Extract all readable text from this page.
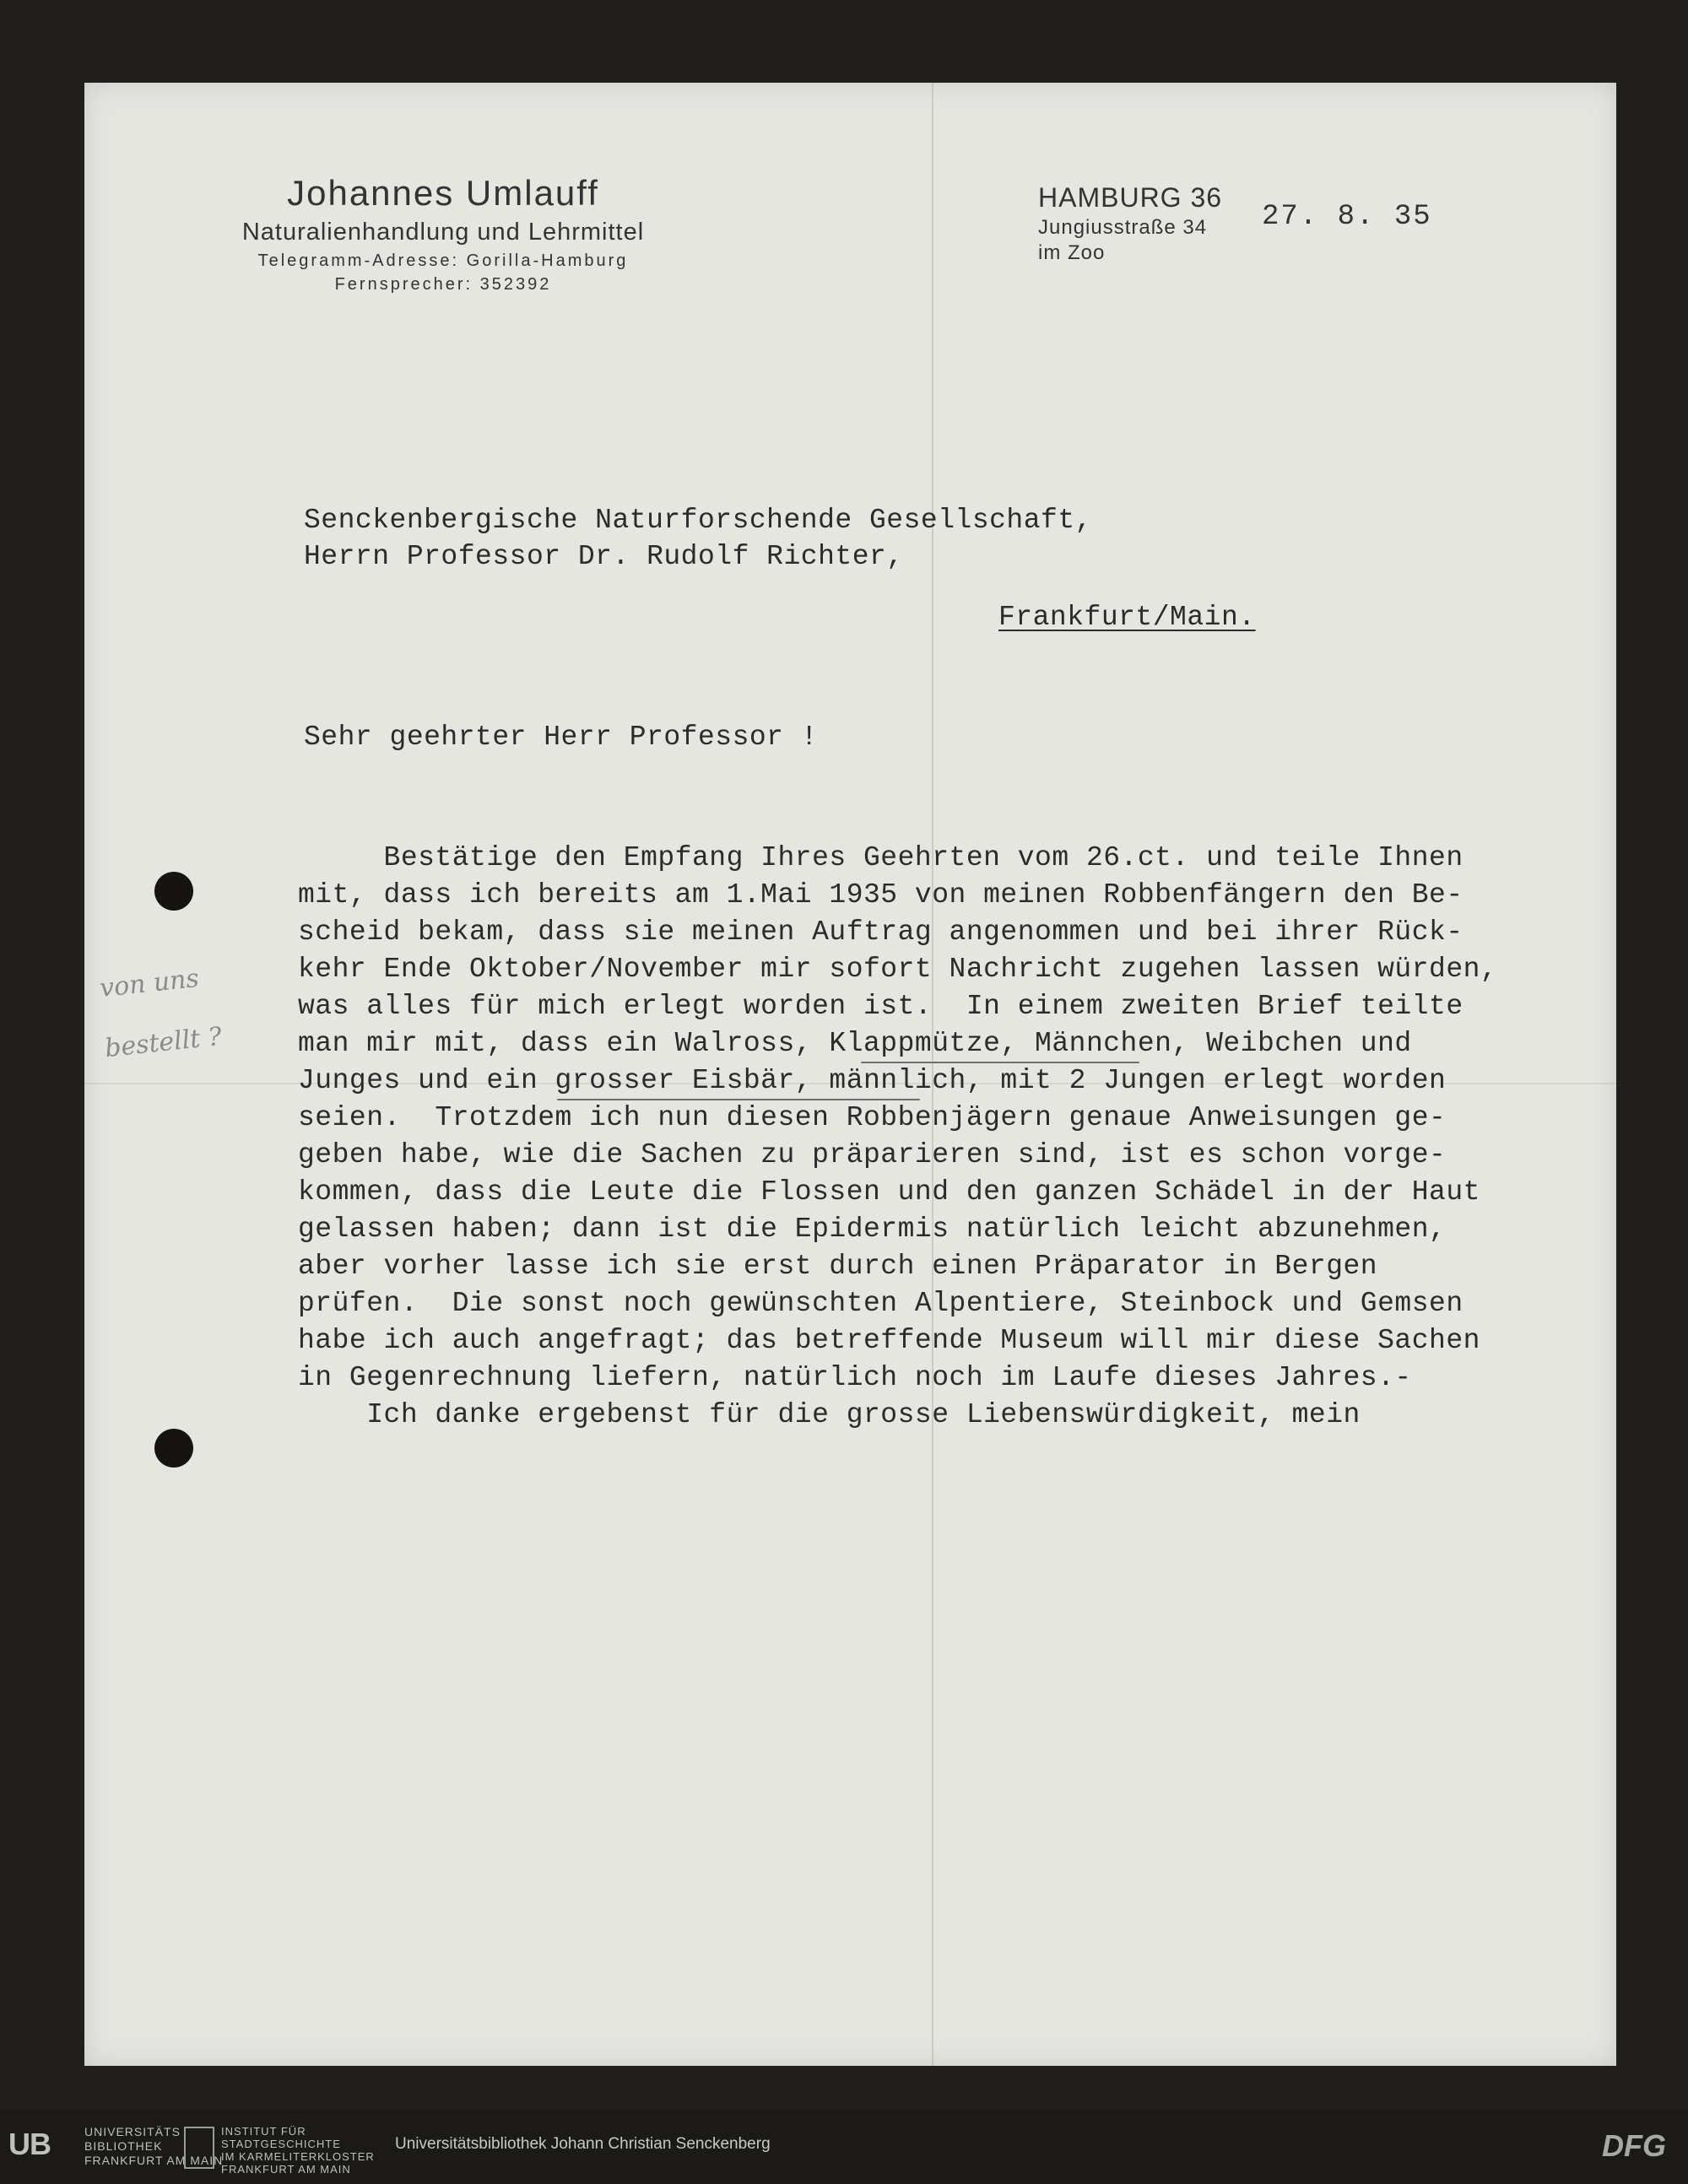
Johannes Umlauff
Naturalienhandlung und Lehrmittel
Telegramm-Adresse: Gorilla-Hamburg
Fernsprecher: 352392
HAMBURG 36
Jungiusstraße 34
im Zoo
27. 8. 35
Senckenbergische Naturforschende Gesellschaft,
Herrn Professor Dr. Rudolf Richter,
Frankfurt/Main.
Sehr geehrter Herr Professor !
Bestätige den Empfang Ihres Geehrten vom 26.ct. und teile Ihnen
mit, dass ich bereits am 1.Mai 1935 von meinen Robbenfängern den Be-
scheid bekam, dass sie meinen Auftrag angenommen und bei ihrer Rück-
kehr Ende Oktober/November mir sofort Nachricht zugehen lassen würden,
was alles für mich erlegt worden ist.  In einem zweiten Brief teilte
man mir mit, dass ein Walross, Klappmütze, Männchen, Weibchen und
Junges und ein grosser Eisbär, männlich, mit 2 Jungen erlegt worden
seien.  Trotzdem ich nun diesen Robbenjägern genaue Anweisungen ge-
geben habe, wie die Sachen zu präparieren sind, ist es schon vorge-
kommen, dass die Leute die Flossen und den ganzen Schädel in der Haut
gelassen haben; dann ist die Epidermis natürlich leicht abzunehmen,
aber vorher lasse ich sie erst durch einen Präparator in Bergen
prüfen.  Die sonst noch gewünschten Alpentiere, Steinbock und Gemsen
habe ich auch angefragt; das betreffende Museum will mir diese Sachen
in Gegenrechnung liefern, natürlich noch im Laufe dieses Jahres.-
Ich danke ergebenst für die grosse Liebenswürdigkeit, mein
von uns
bestellt ?
UB	UNIVERSITÄTS
BIBLIOTHEK
FRANKFURT AM MAIN
INSTITUT FÜR
STADTGESCHICHTE
IM KARMELITERKLOSTER
FRANKFURT AM MAIN
Universitätsbibliothek Johann Christian Senckenberg	DFG
